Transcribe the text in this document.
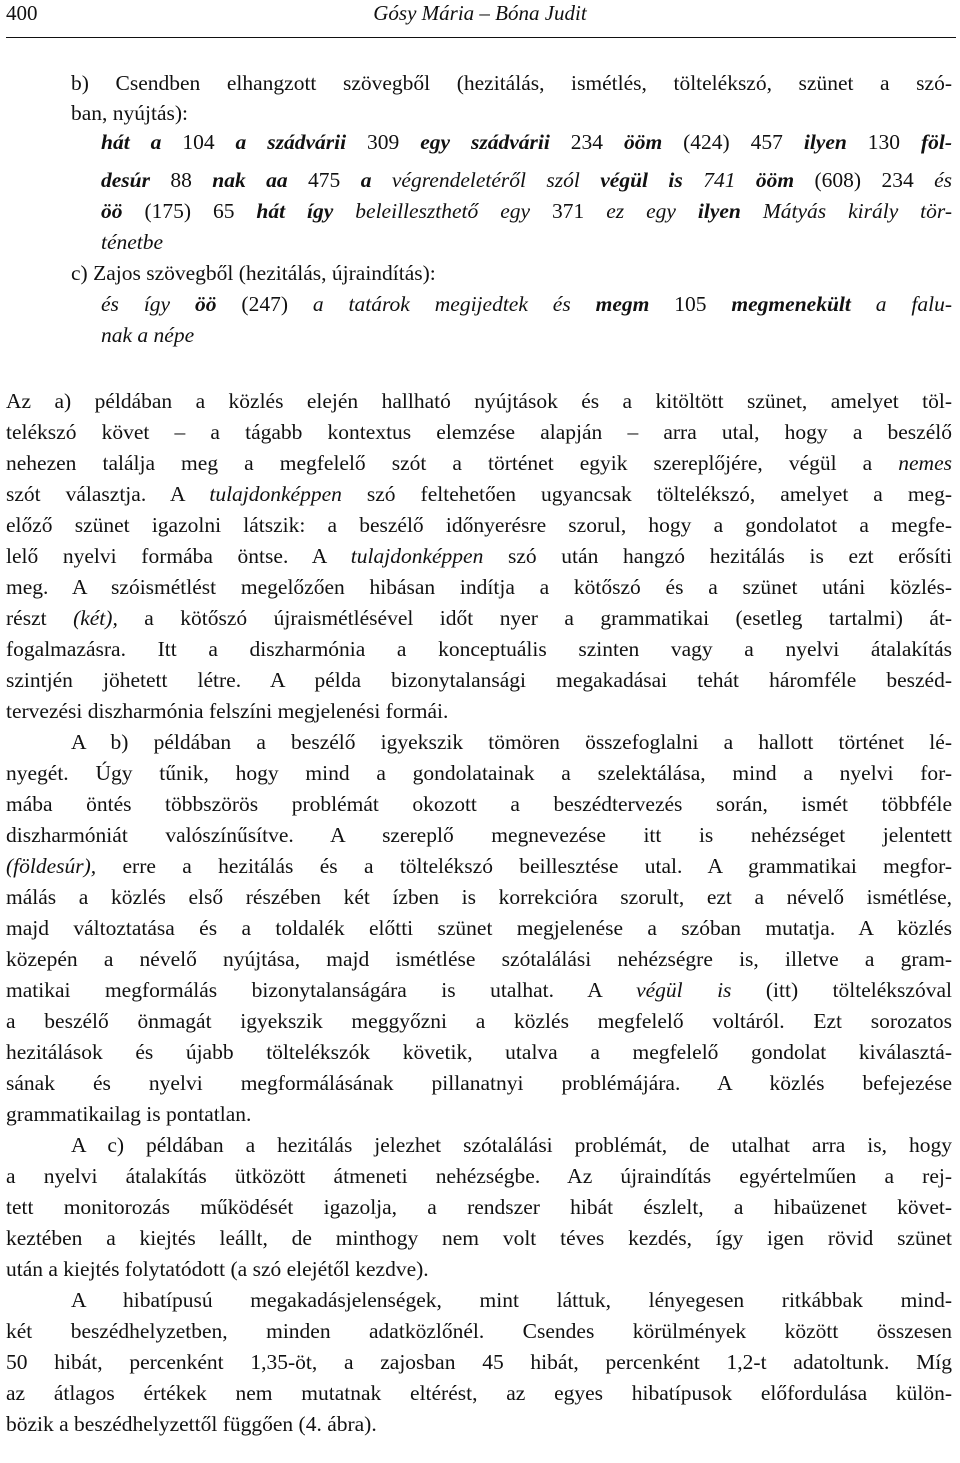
400	Gósy Mária – Bóna Judit
b) Csendben elhangzott szövegből (hezitálás, ismétlés, töltelékszó, szünet a szó-
ban, nyújtás):
hát a 104 a szádvárii 309 egy szádvárii 234 ööm (424) 457 ilyen 130 föl-
desúr 88 nak aa 475 a végrendeletéről szól végül is 741 ööm (608) 234 és
öö (175) 65 hát így beleilleszthető egy 371 ez egy ilyen Mátyás király tör-
ténetbe
c) Zajos szövegből (hezitálás, újraindítás):
és így öö (247) a tatárok megijedtek és megm 105 megmenekült a falu-
nak a népe
Az a) példában a közlés elején hallható nyújtások és a kitöltött szünet, amelyet töl-
telékszó követ – a tágabb kontextus elemzése alapján – arra utal, hogy a beszélő
nehezen találja meg a megfelelő szót a történet egyik szereplőjére, végül a nemes
szót választja. A tulajdonképpen szó feltehetően ugyancsak töltelékszó, amelyet a meg-
előző szünet igazolni látszik: a beszélő időnyerésre szorul, hogy a gondolatot a megfe-
lelő nyelvi formába öntse. A tulajdonképpen szó után hangzó hezitálás is ezt erősíti
meg. A szóismétlést megelőzően hibásan indítja a kötőszó és a szünet utáni közlés-
részt (két), a kötőszó újraismétlésével időt nyer a grammatikai (esetleg tartalmi) át-
fogalmazásra. Itt a diszharmónia a konceptuális szinten vagy a nyelvi átalakítás
szintjén jöhetett létre. A példa bizonytalansági megakadásai tehát háromféle beszéd-
tervezési diszharmónia felszíni megjelenési formái.
A b) példában a beszélő igyekszik tömören összefoglalni a hallott történet lé-
nyegét. Úgy tűnik, hogy mind a gondolatainak a szelektálása, mind a nyelvi for-
mába öntés többszörös problémát okozott a beszédtervezés során, ismét többféle
diszharmóniát valószínűsítve. A szereplő megnevezése itt is nehézséget jelentett
(földesúr), erre a hezitálás és a töltelékszó beillesztése utal. A grammatikai megfor-
málás a közlés első részében két ízben is korrekcióra szorult, ezt a névelő ismétlése,
majd változtatása és a toldalék előtti szünet megjelenése a szóban mutatja. A közlés
közepén a névelő nyújtása, majd ismétlése szótalálási nehézségre is, illetve a gram-
matikai megformálás bizonytalanságára is utalhat. A végül is (itt) töltelékszóval
a beszélő önmagát igyekszik meggyőzni a közlés megfelelő voltáról. Ezt sorozatos
hezitálások és újabb töltelékszók követik, utalva a megfelelő gondolat kiválasztá-
sának és nyelvi megformálásának pillanatnyi problémájára. A közlés befejezése
grammatikailag is pontatlan.
A c) példában a hezitálás jelezhet szótalálási problémát, de utalhat arra is, hogy
a nyelvi átalakítás ütközött átmeneti nehézségbe. Az újraindítás egyértelműen a rej-
tett monitorozás működését igazolja, a rendszer hibát észlelt, a hibaüzenet követ-
keztében a kiejtés leállt, de minthogy nem volt téves kezdés, így igen rövid szünet
után a kiejtés folytatódott (a szó elejétől kezdve).
A hibatípusú megakadásjelenségek, mint láttuk, lényegesen ritkábbak mind-
két beszédhelyzetben, minden adatközlőnél. Csendes körülmények között összesen
50 hibát, percenként 1,35-öt, a zajosban 45 hibát, percenként 1,2-t adatoltunk. Míg
az átlagos értékek nem mutatnak eltérést, az egyes hibatípusok előfordulása külön-
bözik a beszédhelyzettől függően (4. ábra).
